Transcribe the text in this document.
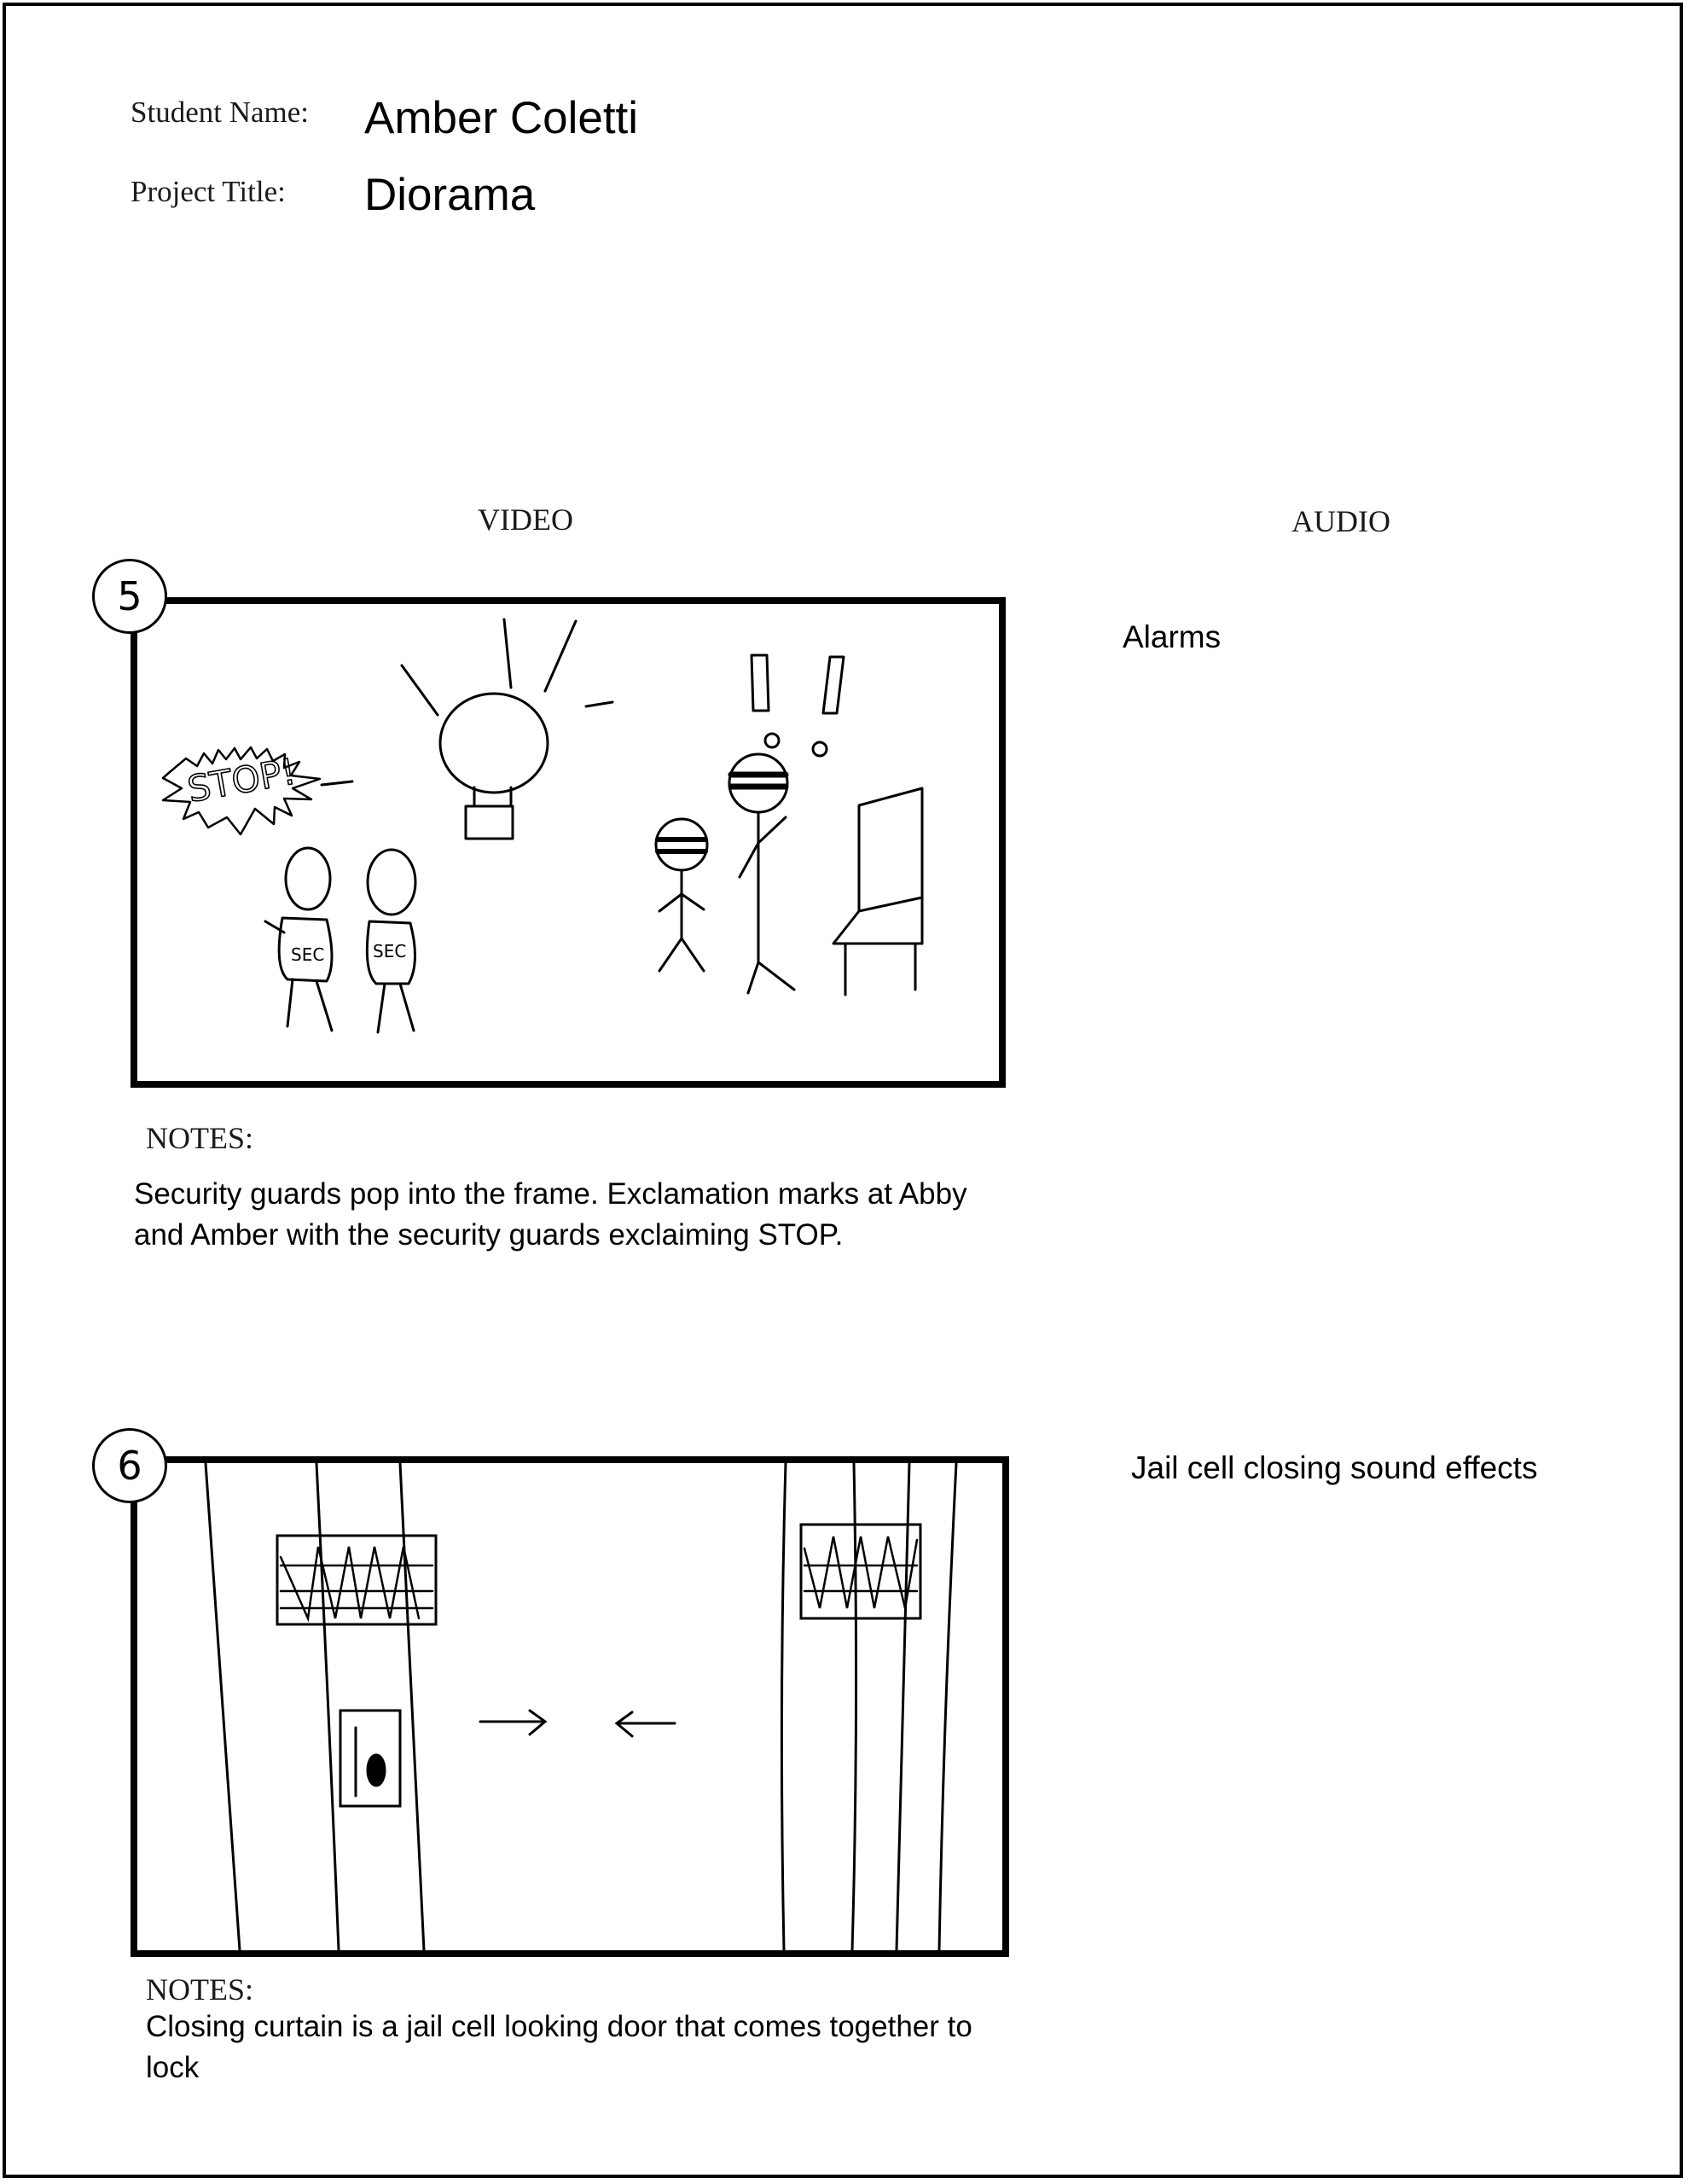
Student Name: Amber Coletti
Project Title: Diorama
VIDEO	AUDIO
STOP!
SEC	SEC
5
NOTES:
Security guards pop into the frame. Exclamation marks at Abby and Amber with the security guards exclaiming STOP.
Alarms
6
NOTES:
Closing curtain is a jail cell looking door that comes together to lock
Jail cell closing sound effects
